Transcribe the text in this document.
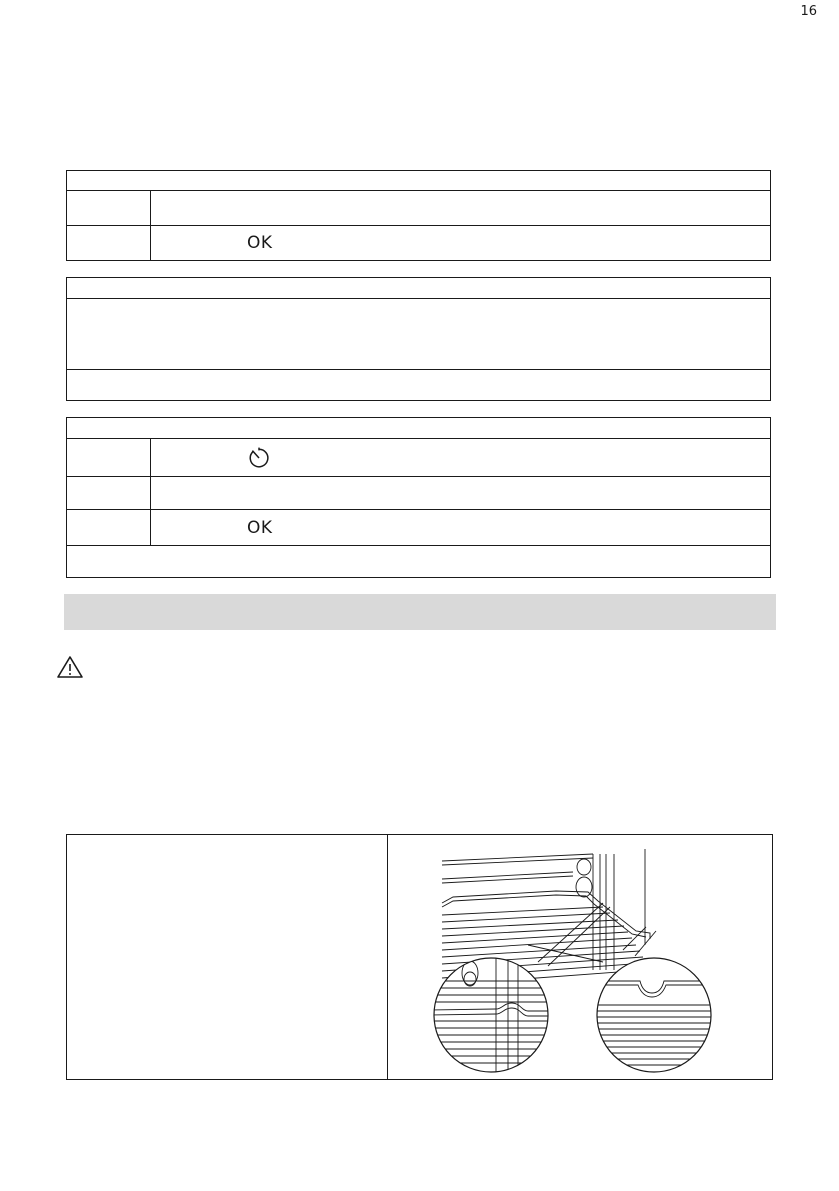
16
OK
OK
